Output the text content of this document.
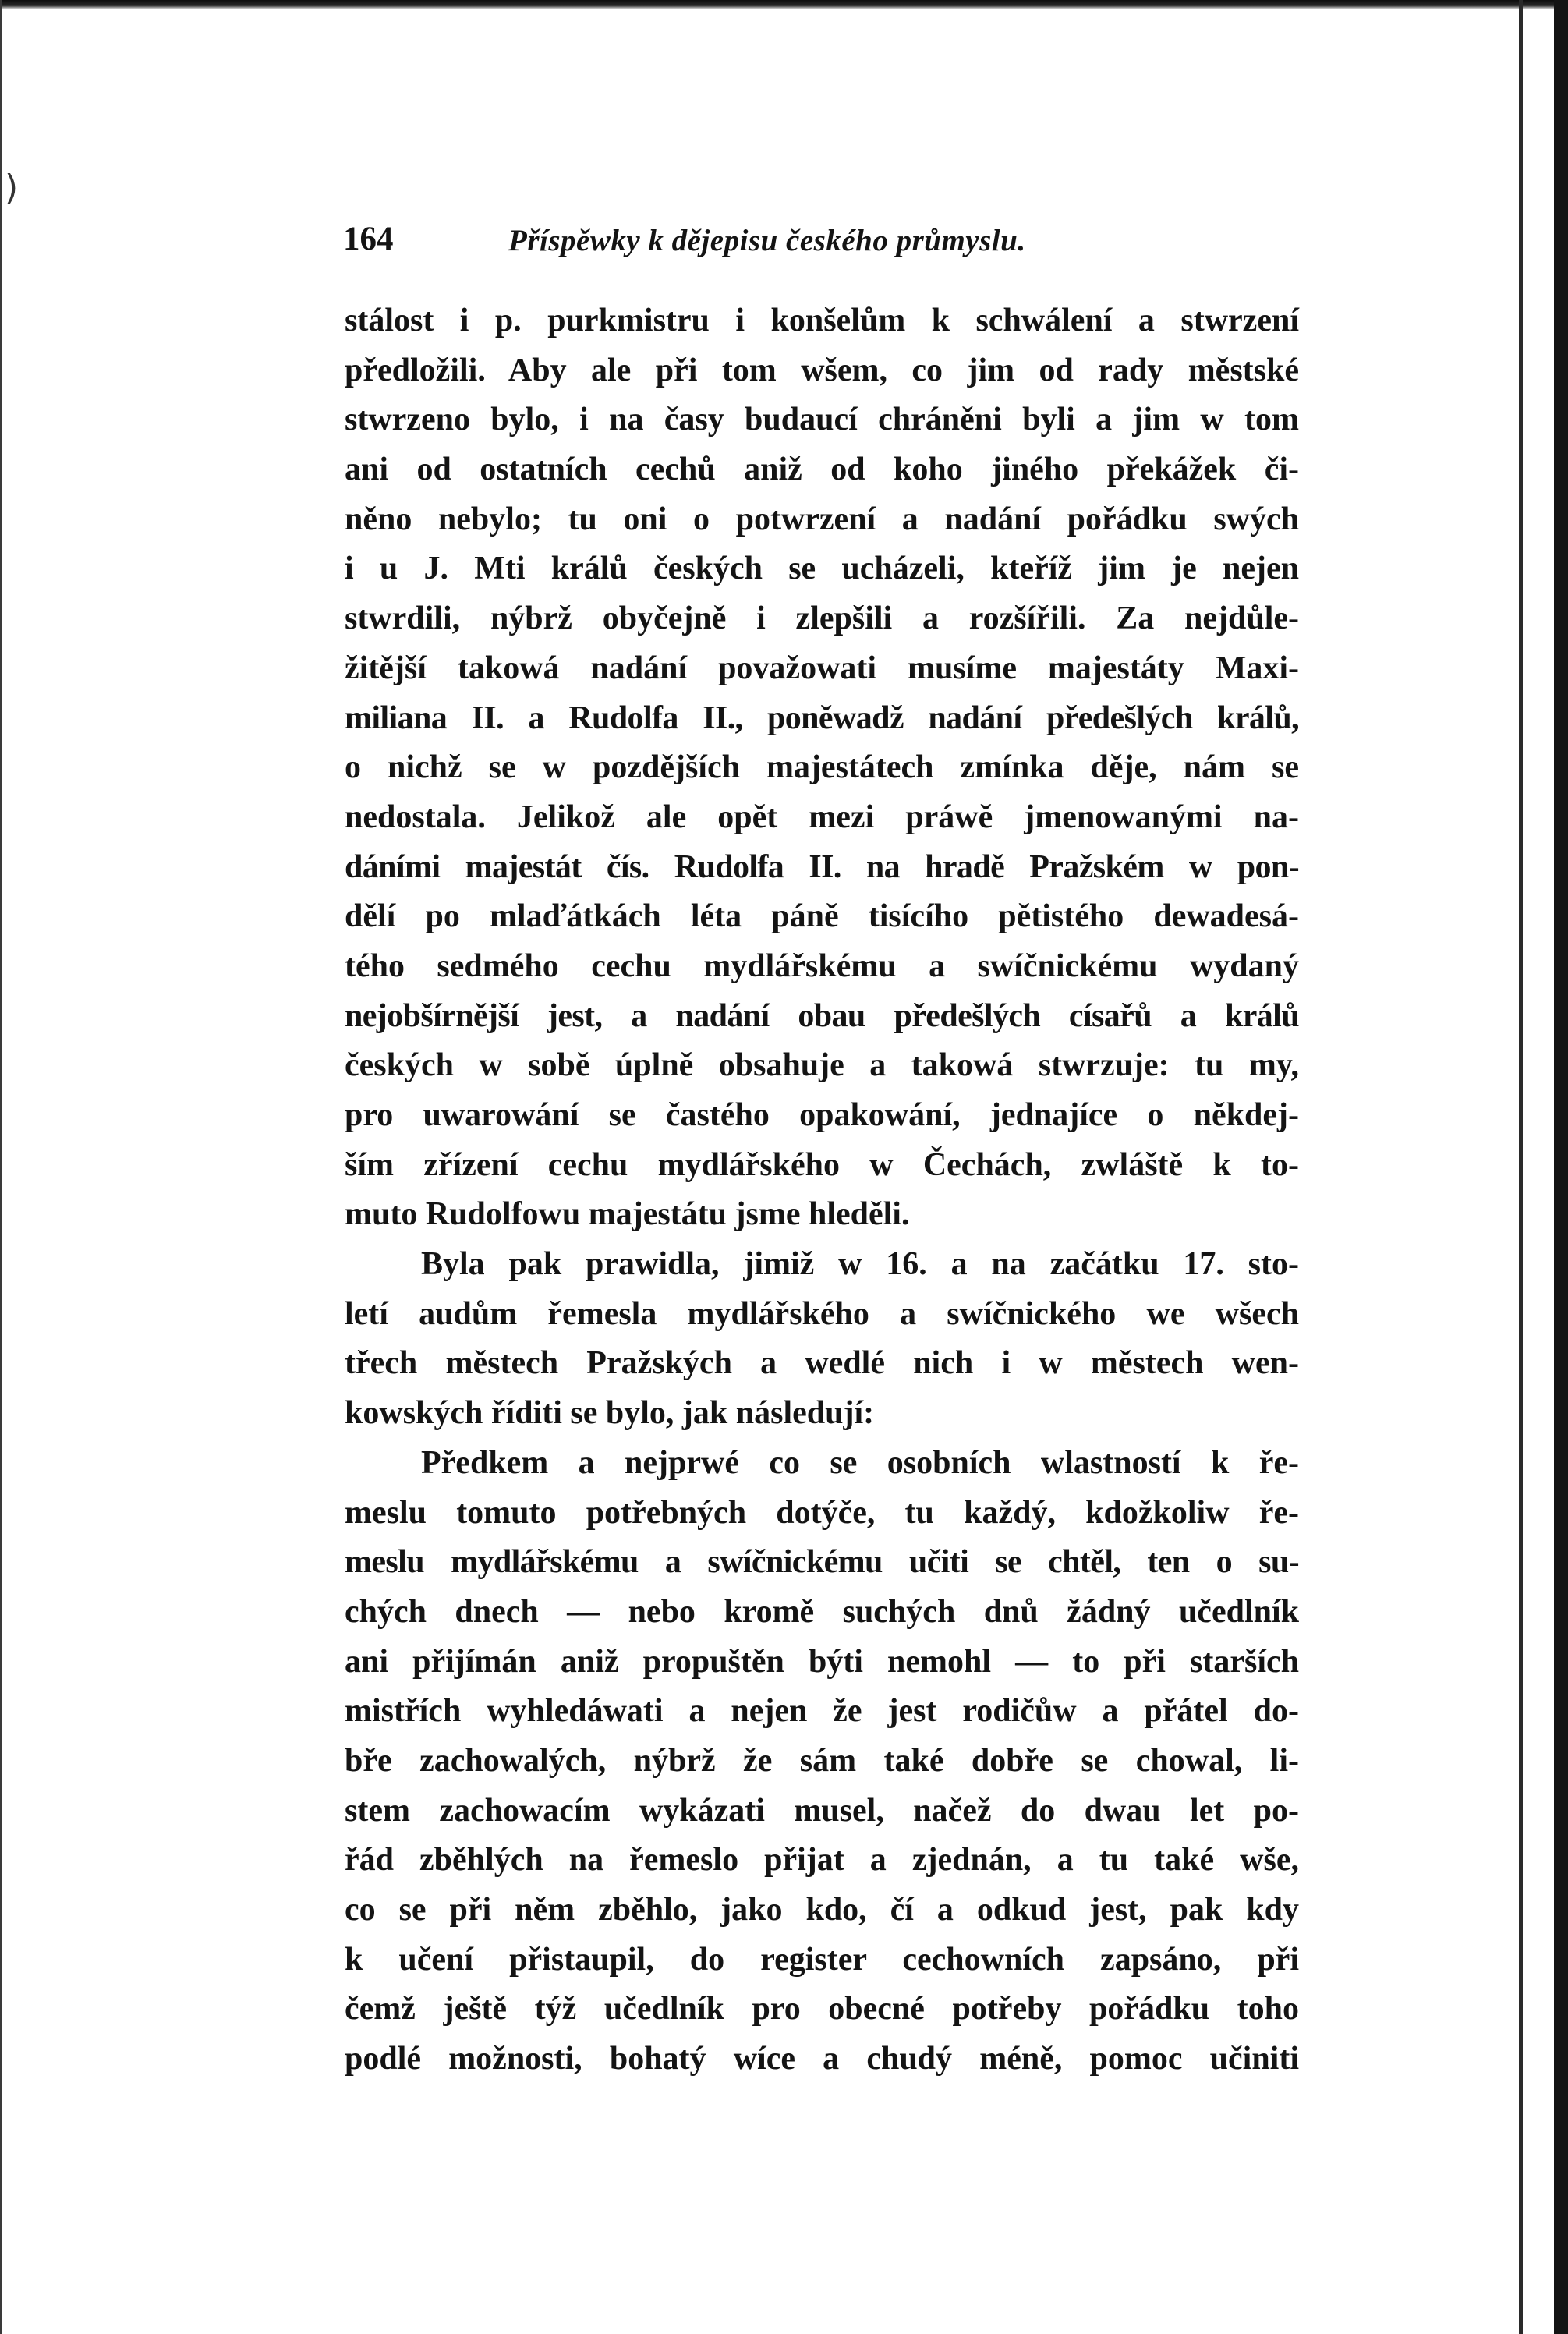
)
164	Příspěwky k dějepisu českého průmyslu.
stálost i p. purkmistru i konšelům k schwálení a stwrzení
předložili. Aby ale při tom wšem, co jim od rady městské
stwrzeno bylo, i na časy budaucí chráněni byli a jim w tom
ani od ostatních cechů aniž od koho jiného překážek či-
něno nebylo; tu oni o potwrzení a nadání pořádku swých
i u J. Mti králů českých se ucházeli, kteříž jim je nejen
stwrdili, nýbrž obyčejně i zlepšili a rozšířili. Za nejdůle-
žitější takowá nadání považowati musíme majestáty Maxi-
miliana II. a Rudolfa II., poněwadž nadání předešlých králů,
o nichž se w pozdějších majestátech zmínka děje, nám se
nedostala. Jelikož ale opět mezi práwě jmenowanými na-
dáními majestát čís. Rudolfa II. na hradě Pražském w pon-
dělí po mlaďátkách léta páně tisícího pětistého dewadesá-
tého sedmého cechu mydlářskému a swíčnickému wydaný
nejobšírnější jest, a nadání obau předešlých císařů a králů
českých w sobě úplně obsahuje a takowá stwrzuje: tu my,
pro uwarowání se častého opakowání, jednajíce o někdej-
ším zřízení cechu mydlářského w Čechách, zwláště k to-
muto Rudolfowu majestátu jsme hleděli.
Byla pak prawidla, jimiž w 16. a na začátku 17. sto-
letí audům řemesla mydlářského a swíčnického we wšech
třech městech Pražských a wedlé nich i w městech wen-
kowských říditi se bylo, jak následují:
Předkem a nejprwé co se osobních wlastností k ře-
meslu tomuto potřebných dotýče, tu každý, kdožkoliw ře-
meslu mydlářskému a swíčnickému učiti se chtěl, ten o su-
chých dnech — nebo kromě suchých dnů žádný učedlník
ani přijímán aniž propuštěn býti nemohl — to při starších
mistřích wyhledáwati a nejen že jest rodičůw a přátel do-
bře zachowalých, nýbrž že sám také dobře se chowal, li-
stem zachowacím wykázati musel, načež do dwau let po-
řád zběhlých na řemeslo přijat a zjednán, a tu také wše,
co se při něm zběhlo, jako kdo, čí a odkud jest, pak kdy
k učení přistaupil, do register cechowních zapsáno, při
čemž ještě týž učedlník pro obecné potřeby pořádku toho
podlé možnosti, bohatý wíce a chudý méně, pomoc učiniti
